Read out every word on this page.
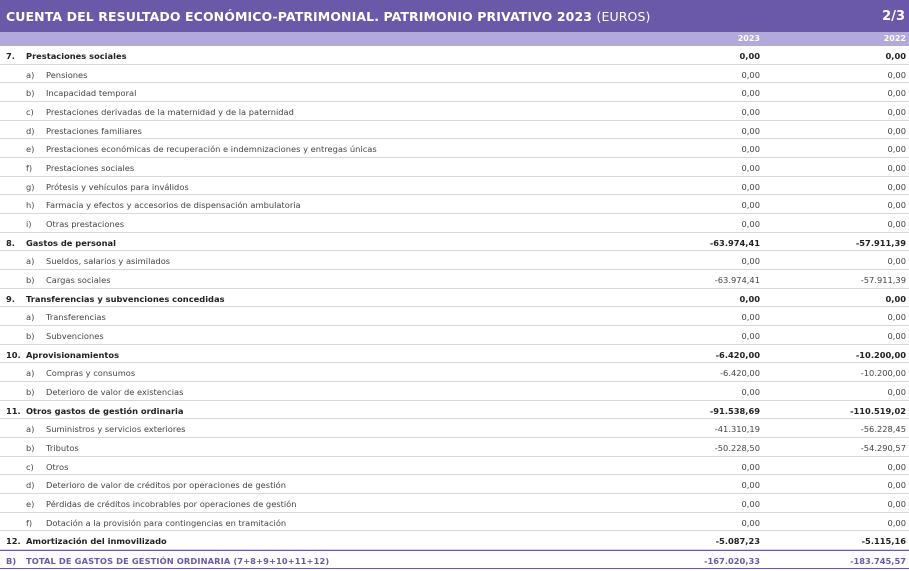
CUENTA DEL RESULTADO ECONÓMICO-PATRIMONIAL. PATRIMONIO PRIVATIVO 2023 (EUROS)	2/3
2023	2022
7. Prestaciones sociales	0,00	0,00
a) Pensiones	0,00	0,00
b) Incapacidad temporal	0,00	0,00
c) Prestaciones derivadas de la maternidad y de la paternidad	0,00	0,00
d) Prestaciones familiares	0,00	0,00
e) Prestaciones económicas de recuperación e indemnizaciones y entregas únicas	0,00	0,00
f) Prestaciones sociales	0,00	0,00
g) Prótesis y vehículos para inválidos	0,00	0,00
h) Farmacia y efectos y accesorios de dispensación ambulatoria	0,00	0,00
i) Otras prestaciones	0,00	0,00
8. Gastos de personal	-63.974,41	-57.911,39
a) Sueldos, salarios y asimilados	0,00	0,00
b) Cargas sociales	-63.974,41	-57.911,39
9. Transferencias y subvenciones concedidas	0,00	0,00
a) Transferencias	0,00	0,00
b) Subvenciones	0,00	0,00
10. Aprovisionamientos	-6.420,00	-10.200,00
a) Compras y consumos	-6.420,00	-10.200,00
b) Deterioro de valor de existencias	0,00	0,00
11. Otros gastos de gestión ordinaria	-91.538,69	-110.519,02
a) Suministros y servicios exteriores	-41.310,19	-56.228,45
b) Tributos	-50.228,50	-54.290,57
c) Otros	0,00	0,00
d) Deterioro de valor de créditos por operaciones de gestión	0,00	0,00
e) Pérdidas de créditos incobrables por operaciones de gestión	0,00	0,00
f) Dotación a la provisión para contingencias en tramitación	0,00	0,00
12. Amortización del inmovilizado	-5.087,23	-5.115,16
B) TOTAL DE GASTOS DE GESTIÓN ORDINARIA (7+8+9+10+11+12)	-167.020,33	-183.745,57
